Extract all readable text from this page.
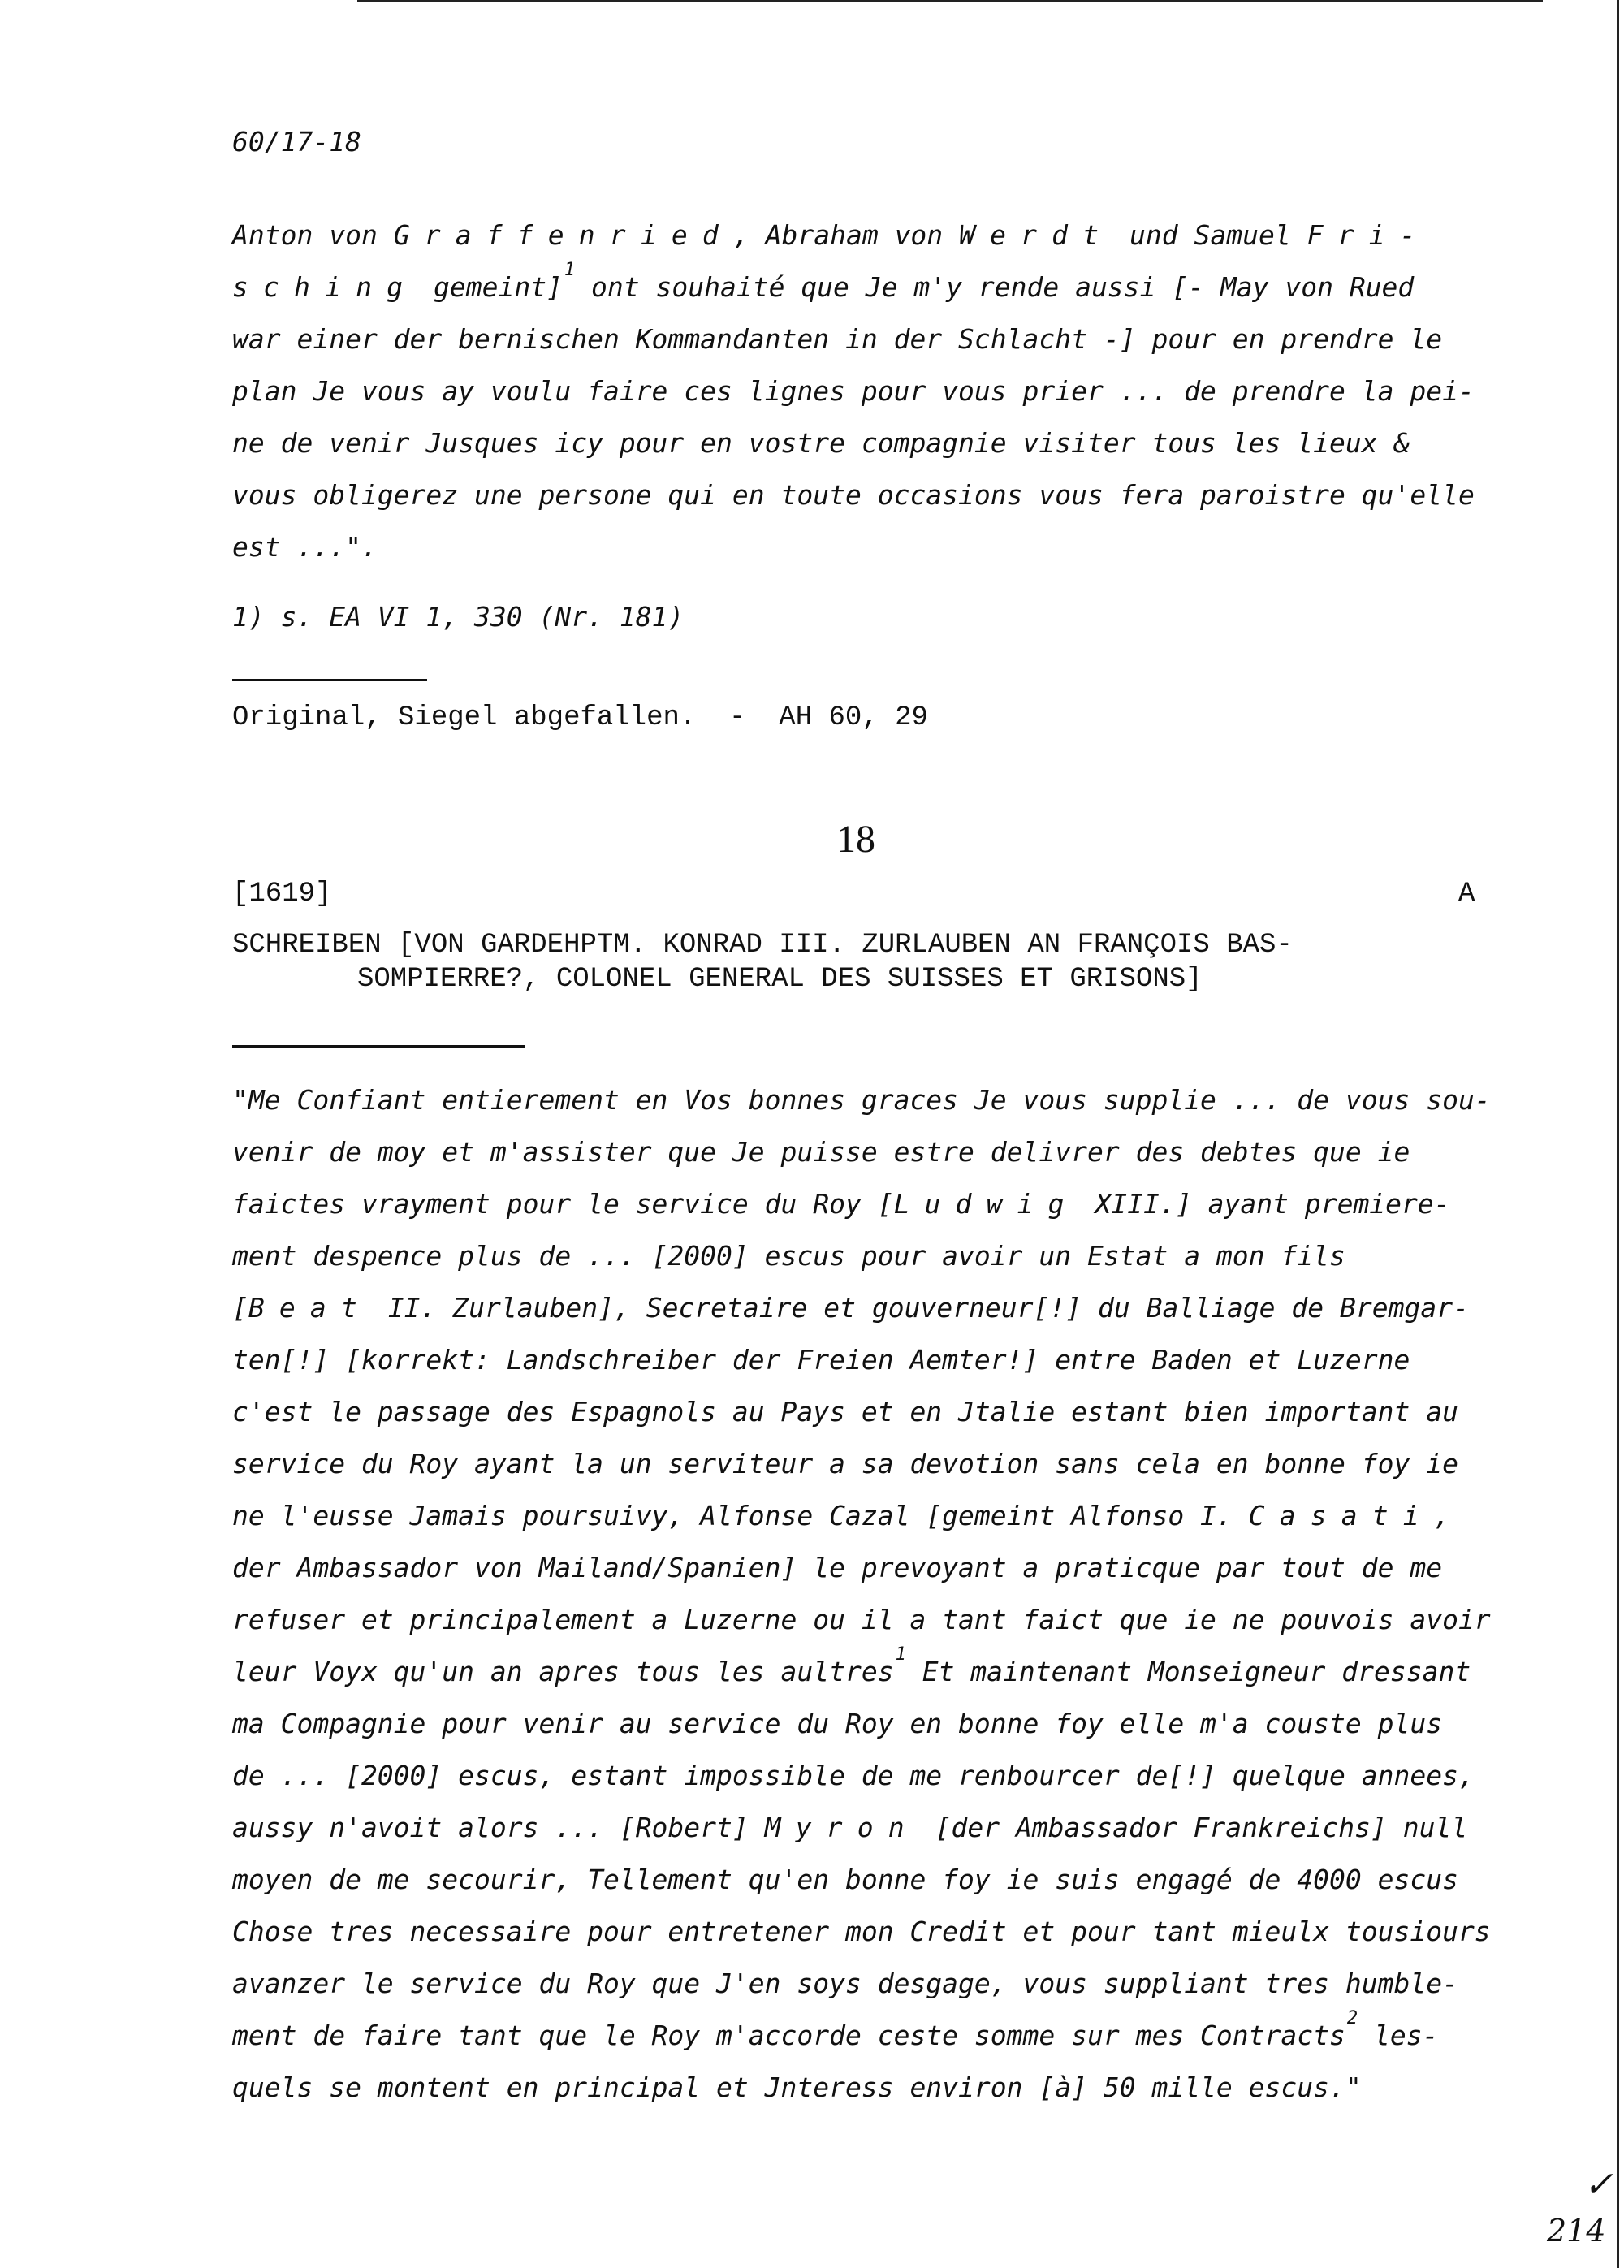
60/17-18
Anton von Graffenried, Abraham von Werdt und Samuel Fri-
sching gemeint]$^1$ ont souhaité que Je m'y rende aussi [- May von Rued
war einer der bernischen Kommandanten in der Schlacht -] pour en prendre le
plan Je vous ay voulu faire ces lignes pour vous prier ... de prendre la pei-
ne de venir Jusques icy pour en vostre compagnie visiter tous les lieux &
vous obligerez une persone qui en toute occasions vous fera paroistre qu'elle
est ...".
1) s. EA VI 1, 330 (Nr. 181)
Original, Siegel abgefallen.  -  AH 60, 29
18
[1619]	A
SCHREIBEN [VON GARDEHPTM. KONRAD III. ZURLAUBEN AN FRANÇOIS BAS-
SOMPIERRE?, COLONEL GENERAL DES SUISSES ET GRISONS]
"Me Confiant entierement en Vos bonnes graces Je vous supplie ... de vous sou-
venir de moy et m'assister que Je puisse estre delivrer des debtes que ie
faictes vrayment pour le service du Roy [Ludwig XIII.] ayant premiere-
ment despence plus de ... [2000] escus pour avoir un Estat a mon fils
[Beat II. Zurlauben], Secretaire et gouverneur[!] du Balliage de Bremgar-
ten[!] [korrekt: Landschreiber der Freien Aemter!] entre Baden et Luzerne
c'est le passage des Espagnols au Pays et en Jtalie estant bien important au
service du Roy ayant la un serviteur a sa devotion sans cela en bonne foy ie
ne l'eusse Jamais poursuivy, Alfonse Cazal [gemeint Alfonso I. Casati,
der Ambassador von Mailand/Spanien] le prevoyant a praticque par tout de me
refuser et principalement a Luzerne ou il a tant faict que ie ne pouvois avoir
leur Voyx qu'un an apres tous les aultres$^1$ Et maintenant Monseigneur dressant
ma Compagnie pour venir au service du Roy en bonne foy elle m'a couste plus
de ... [2000] escus, estant impossible de me renbourcer de[!] quelque annees,
aussy n'avoit alors ... [Robert] Myron [der Ambassador Frankreichs] null
moyen de me secourir, Tellement qu'en bonne foy ie suis engagé de 4000 escus
Chose tres necessaire pour entretener mon Credit et pour tant mieulx tousiours
avanzer le service du Roy que J'en soys desgage, vous suppliant tres humble-
ment de faire tant que le Roy m'accorde ceste somme sur mes Contracts$^2$ les-
quels se montent en principal et Jnteress environ [à] 50 mille escus."
✓
214
